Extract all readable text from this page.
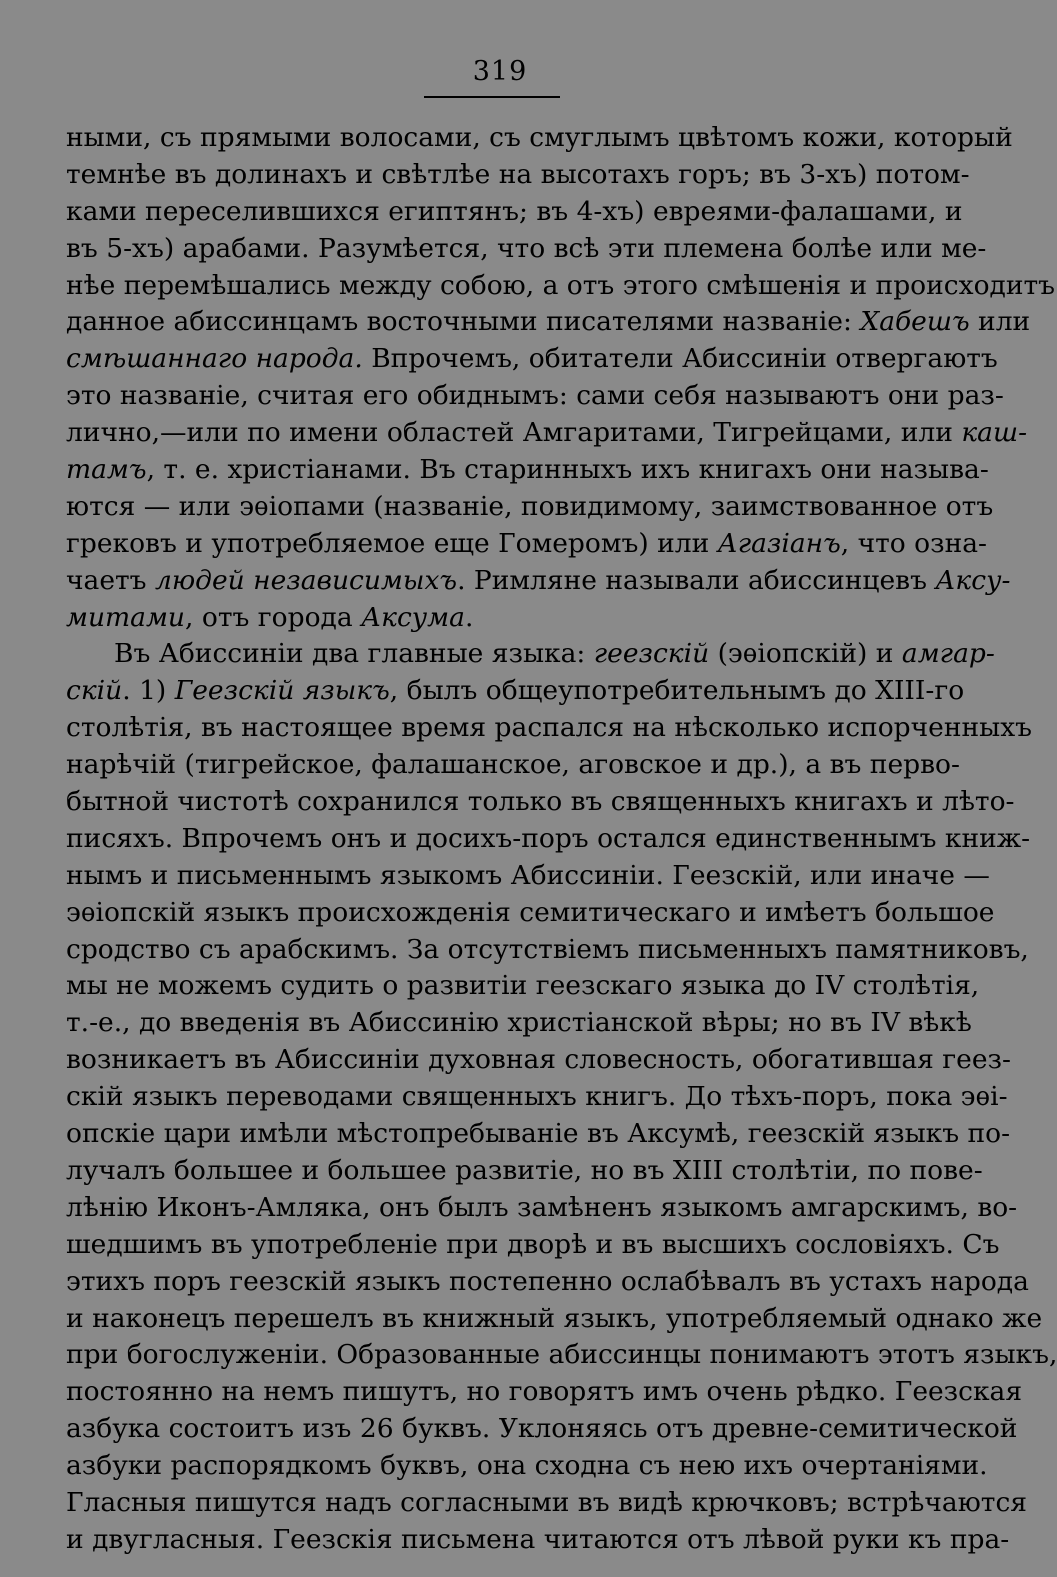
319
ными, съ прямыми волосами, съ смуглымъ цвѣтомъ кожи, который
темнѣе въ долинахъ и свѣтлѣе на высотахъ горъ; въ 3-хъ) потом-
ками переселившихся египтянъ; въ 4-хъ) евреями-фалашами, и
въ 5-хъ) арабами. Разумѣется, что всѣ эти племена болѣе или ме-
нѣе перемѣшались между собою, а отъ этого смѣшенія и происходитъ
данное абиссинцамъ восточными писателями названіе: Хабешъ или
смѣшаннаго народа. Впрочемъ, обитатели Абиссиніи отвергаютъ
это названіе, считая его обиднымъ: сами себя называютъ они раз-
лично,—или по имени областей Амгаритами, Тигрейцами, или каш-
тамъ, т. е. христіанами. Въ старинныхъ ихъ книгахъ они называ-
ются — или эѳіопами (названіе, повидимому, заимствованное отъ
грековъ и употребляемое еще Гомеромъ) или Агазіанъ, что озна-
чаетъ людей независимыхъ. Римляне называли абиссинцевъ Аксу-
митами, отъ города Аксума.
Въ Абиссиніи два главные языка: геезскій (эѳіопскій) и амгар-
скій. 1) Геезскій языкъ, былъ общеупотребительнымъ до XIII-го
столѣтія, въ настоящее время распался на нѣсколько испорченныхъ
нарѣчій (тигрейское, фалашанское, аговское и др.), а въ перво-
бытной чистотѣ сохранился только въ священныхъ книгахъ и лѣто-
писяхъ. Впрочемъ онъ и досихъ-поръ остался единственнымъ книж-
нымъ и письменнымъ языкомъ Абиссиніи. Геезскій, или иначе —
эѳіопскій языкъ происхожденія семитическаго и имѣетъ большое
сродство съ арабскимъ. За отсутствіемъ письменныхъ памятниковъ,
мы не можемъ судить о развитіи геезскаго языка до IV столѣтія,
т.-е., до введенія въ Абиссинію христіанской вѣры; но въ IV вѣкѣ
возникаетъ въ Абиссиніи духовная словесность, обогатившая геез-
скій языкъ переводами священныхъ книгъ. До тѣхъ-поръ, пока эѳі-
опскіе цари имѣли мѣстопребываніе въ Аксумѣ, геезскій языкъ по-
лучалъ большее и большее развитіе, но въ XIII столѣтіи, по пове-
лѣнію Иконъ-Амляка, онъ былъ замѣненъ языкомъ амгарскимъ, во-
шедшимъ въ употребленіе при дворѣ и въ высшихъ сословіяхъ. Съ
этихъ поръ геезскій языкъ постепенно ослабѣвалъ въ устахъ народа
и наконецъ перешелъ въ книжный языкъ, употребляемый однако же
при богослуженіи. Образованные абиссинцы понимаютъ этотъ языкъ,
постоянно на немъ пишутъ, но говорятъ имъ очень рѣдко. Геезская
азбука состоитъ изъ 26 буквъ. Уклоняясь отъ древне-семитической
азбуки распорядкомъ буквъ, она сходна съ нею ихъ очертаніями.
Гласныя пишутся надъ согласными въ видѣ крючковъ; встрѣчаются
и двугласныя. Геезскія письмена читаются отъ лѣвой руки къ пра-
